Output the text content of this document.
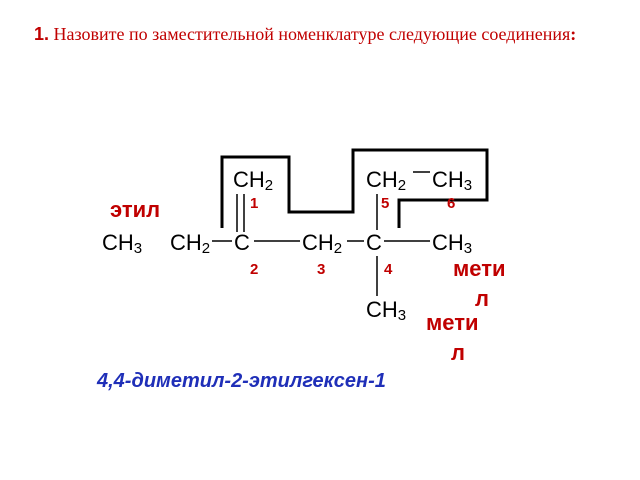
1. Назовите по заместительной номенклатуре следующие соединения:
CH2	CH2 CH3
CH3 CH2 C CH2 C CH3
CH3
1
2	3	4
5	6
этил
мети
л
мети
л
4,4-диметил-2-этилгексен-1
